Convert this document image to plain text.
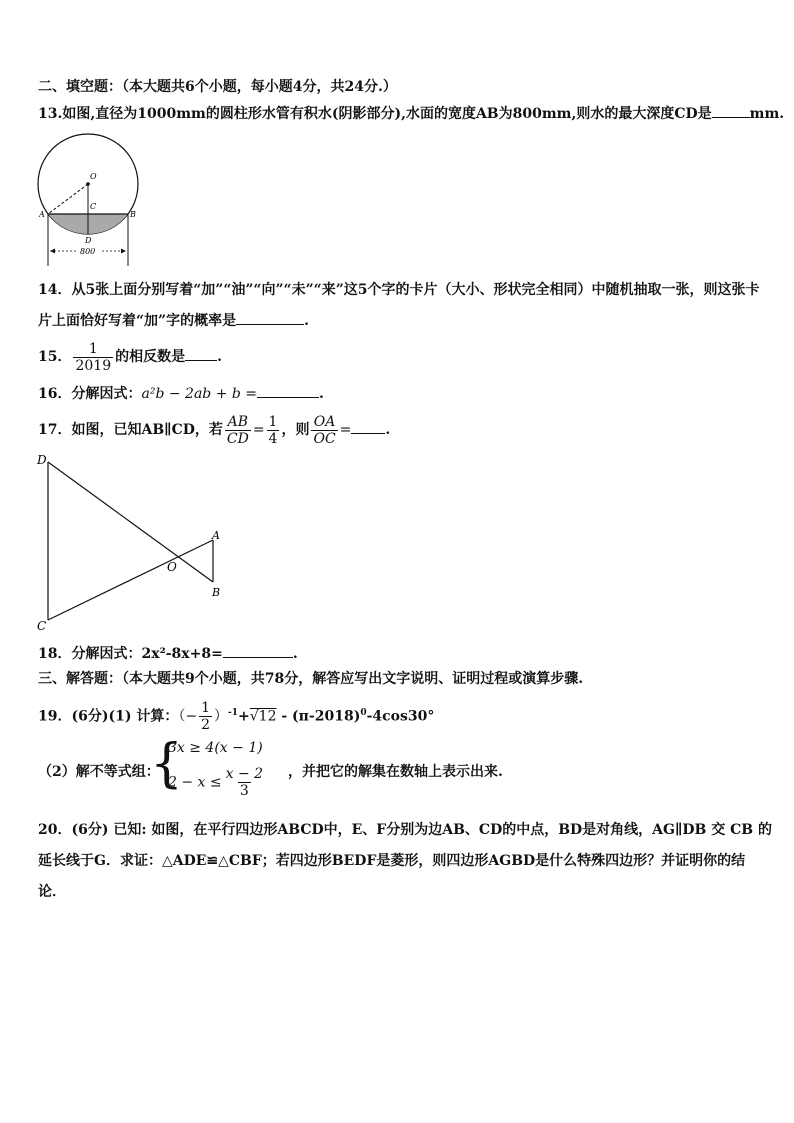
二、填空题：（本大题共6个小题，每小题4分，共24分.）
13.如图,直径为1000mm的圆柱形水管有积水(阴影部分),水面的宽度AB为800mm,则水的最大深度CD是	mm.
O
A	B
C
D
800
14．从5张上面分别写着“加”“油”“向”“未”“来”这5个字的卡片（大小、形状完全相同）中随机抽取一张，则这张卡
片上面恰好写着“加”字的概率是	.
15． $\frac{1}{2019}$ 的相反数是 .
16．分解因式：a²b − 2ab + b =	.
17．如图，已知AB∥CD，若 $\frac{AB}{CD} = \frac{1}{4}$ ，则 $\frac{OA}{OC}$ = .
D
C
O
A
B
18．分解因式：2x²-8x+8=	.
三、解答题：（本大题共9个小题，共78分，解答应写出文字说明、证明过程或演算步骤.
19．(6分)(1) 计算：（− $\frac{1}{2} )^{-1}+√12 - (\pi-2018)^0-4\cos 30^\circ$
（2）解不等式组：
{
3x ≥ 4(x − 1)
$2 - x \le \frac{x - 2}{3}$ ，并把它的解集在数轴上表示出来.
20．(6分) 已知: 如图，在平行四边形ABCD中，E、F分别为边AB、CD的中点，BD是对角线，AG∥DB 交 CB 的
延长线于G．求证：△ADE≌△CBF；若四边形BEDF是菱形，则四边形AGBD是什么特殊四边形？并证明你的结
论．
